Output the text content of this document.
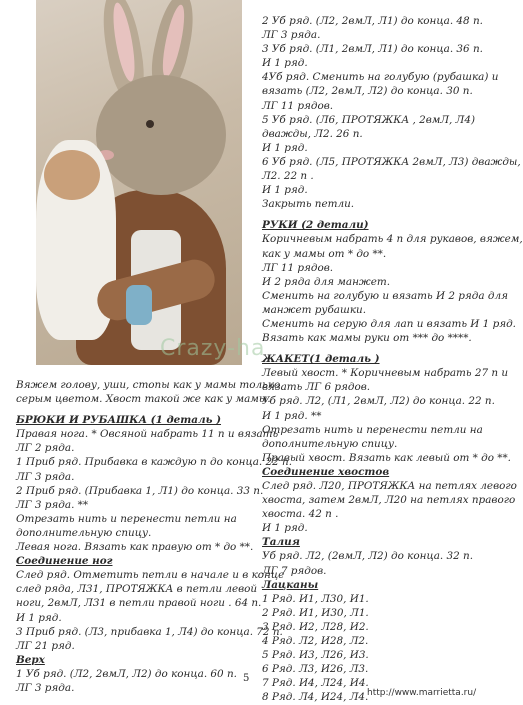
Crazy-ha
Вяжем голову, уши, стопы как у мамы только
серым цветом. Хвост такой же как у мамы.
БРЮКИ И РУБАШКА (1 деталь )
Правая нога. * Овсяной набрать 11 п и вязать
ЛГ 2 ряда.
1 Приб ряд. Прибавка в каждую п до конца. 22 п.
ЛГ 3 ряда.
2 Приб ряд. (Прибавка 1, Л1) до конца. 33 п.
ЛГ 3 ряда. **
Отрезать нить и перенести петли на
дополнительную спицу.
Левая нога. Вязать как правую от * до **.
Соединение ног
След ряд. Отметить петли в начале и в конце
след ряда, Л31, ПРОТЯЖКА в петли левой
ноги, 2вмЛ, Л31 в петли правой ноги . 64 п.
И 1 ряд.
3 Приб ряд. (Л3, прибавка 1, Л4) до конца. 72 п.
ЛГ 21 ряд.
Верх
1 Уб ряд. (Л2, 2вмЛ, Л2) до конца. 60 п.
ЛГ 3 ряда.
2 Уб ряд. (Л2, 2вмЛ, Л1) до конца. 48 п.
ЛГ 3 ряда.
3 Уб ряд. (Л1, 2вмЛ, Л1) до конца. 36 п.
И 1 ряд.
4Уб ряд. Сменить на голубую (рубашка) и
вязать (Л2, 2вмЛ, Л2) до конца. 30 п.
ЛГ 11 рядов.
5 Уб ряд. (Л6, ПРОТЯЖКА , 2вмЛ, Л4)
дважды, Л2. 26 п.
И 1 ряд.
6 Уб ряд. (Л5, ПРОТЯЖКА 2вмЛ, Л3) дважды,
Л2. 22 п .
И 1 ряд.
Закрыть петли.
РУКИ (2 детали)
Коричневым набрать 4 п для рукавов, вяжем,
как у мамы от * до **.
ЛГ 11 рядов.
И 2 ряда для манжет.
Сменить на голубую и вязать И 2 ряда для
манжет рубашки.
Сменить на серую для лап и вязать И 1 ряд.
Вязать как мамы руки от *** до ****.
ЖАКЕТ(1 деталь )
Левый хвост. * Коричневым набрать 27 п и
вязать ЛГ 6 рядов.
Уб ряд. Л2, (Л1, 2вмЛ, Л2) до конца. 22 п.
И 1 ряд. **
Отрезать нить и перенести петли на
дополнительную спицу.
Правый хвост. Вязать как левый от * до **.
Соединение хвостов
След ряд. Л20, ПРОТЯЖКА на петлях левого
хвоста, затем 2вмЛ, Л20 на петлях правого
хвоста. 42 п .
И 1 ряд.
Талия
Уб ряд. Л2, (2вмЛ, Л2) до конца. 32 п.
ЛГ 7 рядов.
Лацканы
1 Ряд. И1, Л30, И1.
2 Ряд. И1, И30, Л1.
3 Ряд. И2, Л28, И2.
4 Ряд. Л2, И28, Л2.
5 Ряд. И3, Л26, И3.
6 Ряд. Л3, И26, Л3.
7 Ряд. И4, Л24, И4.
8 Ряд. Л4, И24, Л4.
5
http://www.marrietta.ru/
